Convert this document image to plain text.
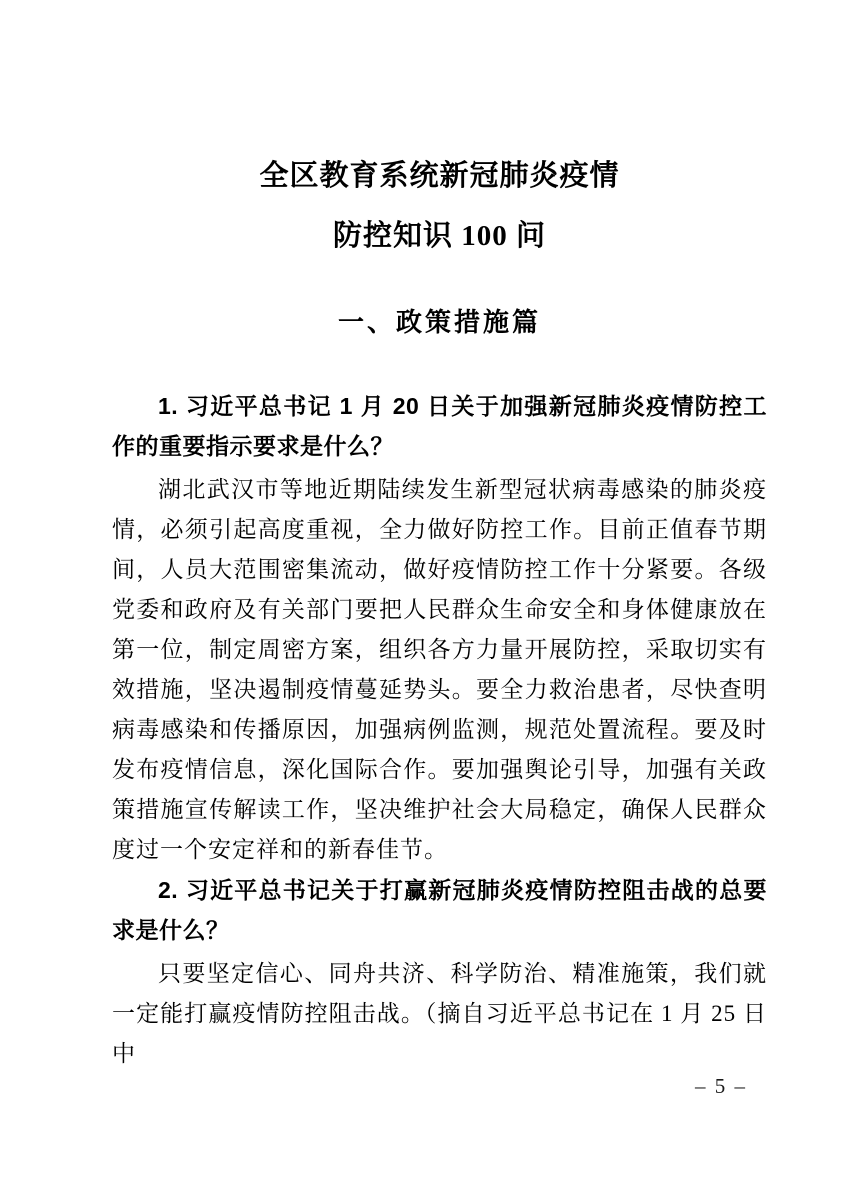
全区教育系统新冠肺炎疫情
防控知识 100 问
一、政策措施篇

1. 习近平总书记 1 月 20 日关于加强新冠肺炎疫情防控工作的重要指示要求是什么？

湖北武汉市等地近期陆续发生新型冠状病毒感染的肺炎疫情，必须引起高度重视，全力做好防控工作。目前正值春节期间，人员大范围密集流动，做好疫情防控工作十分紧要。各级党委和政府及有关部门要把人民群众生命安全和身体健康放在第一位，制定周密方案，组织各方力量开展防控，采取切实有效措施，坚决遏制疫情蔓延势头。要全力救治患者，尽快查明病毒感染和传播原因，加强病例监测，规范处置流程。要及时发布疫情信息，深化国际合作。要加强舆论引导，加强有关政策措施宣传解读工作，坚决维护社会大局稳定，确保人民群众度过一个安定祥和的新春佳节。

2. 习近平总书记关于打赢新冠肺炎疫情防控阻击战的总要求是什么？

只要坚定信心、同舟共济、科学防治、精准施策，我们就一定能打赢疫情防控阻击战。（摘自习近平总书记在 1 月 25 日中

– 5 –
